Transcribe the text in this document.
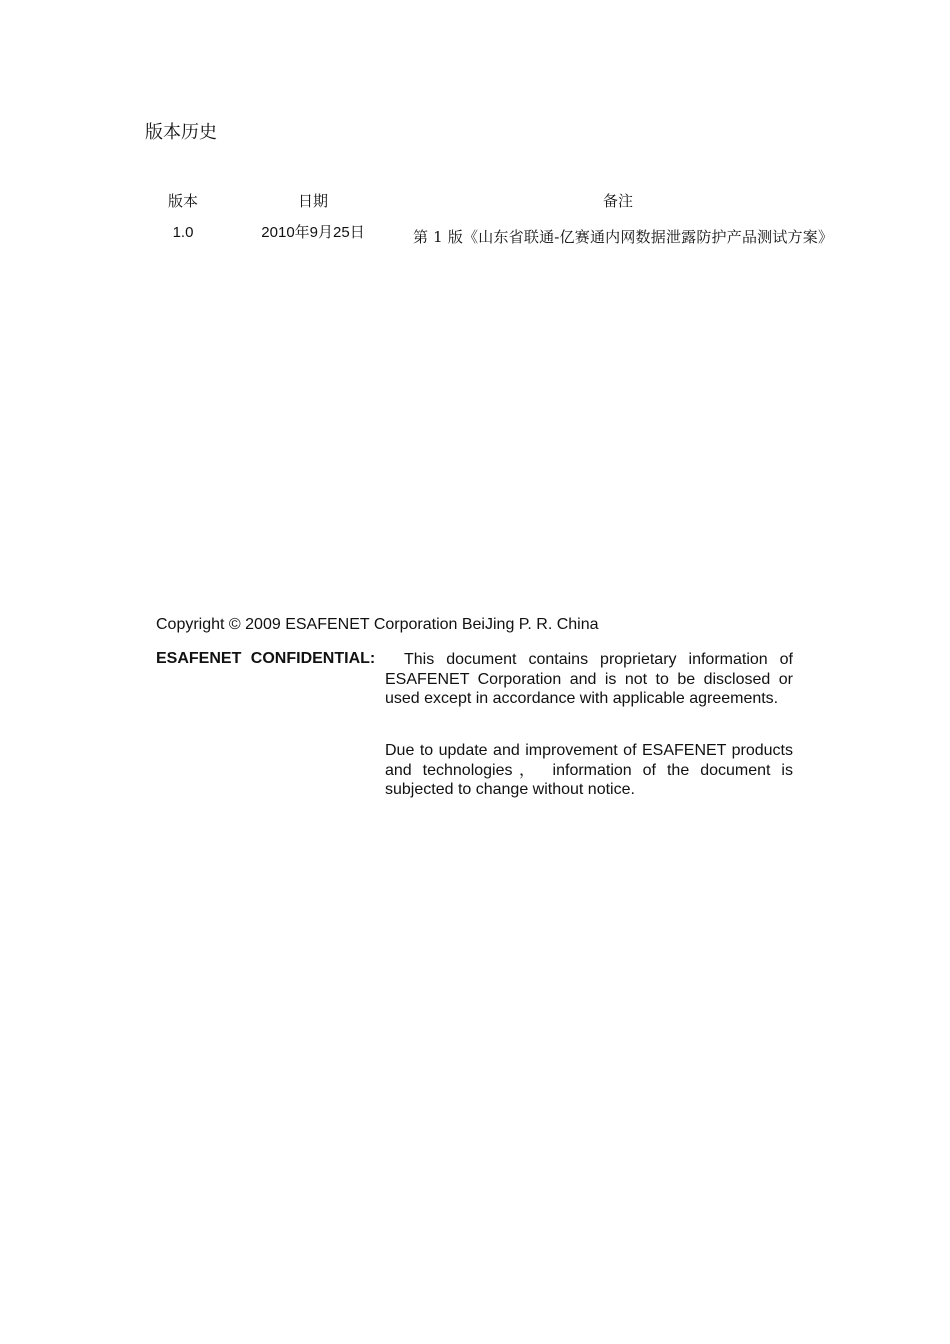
版本历史
版本	日期	备注
1.0	2010年9月25日	第 1 版《山东省联通-亿赛通内网数据泄露防护产品测试方案》
Copyright © 2009 ESAFENET Corporation BeiJing P. R. China
ESAFENET CONFIDENTIAL:	This document contains proprietary information of ESAFENET Corporation and is not to be disclosed or used except in accordance with applicable agreements.

Due to update and improvement of ESAFENET products and technologies， information of the document is subjected to change without notice.
